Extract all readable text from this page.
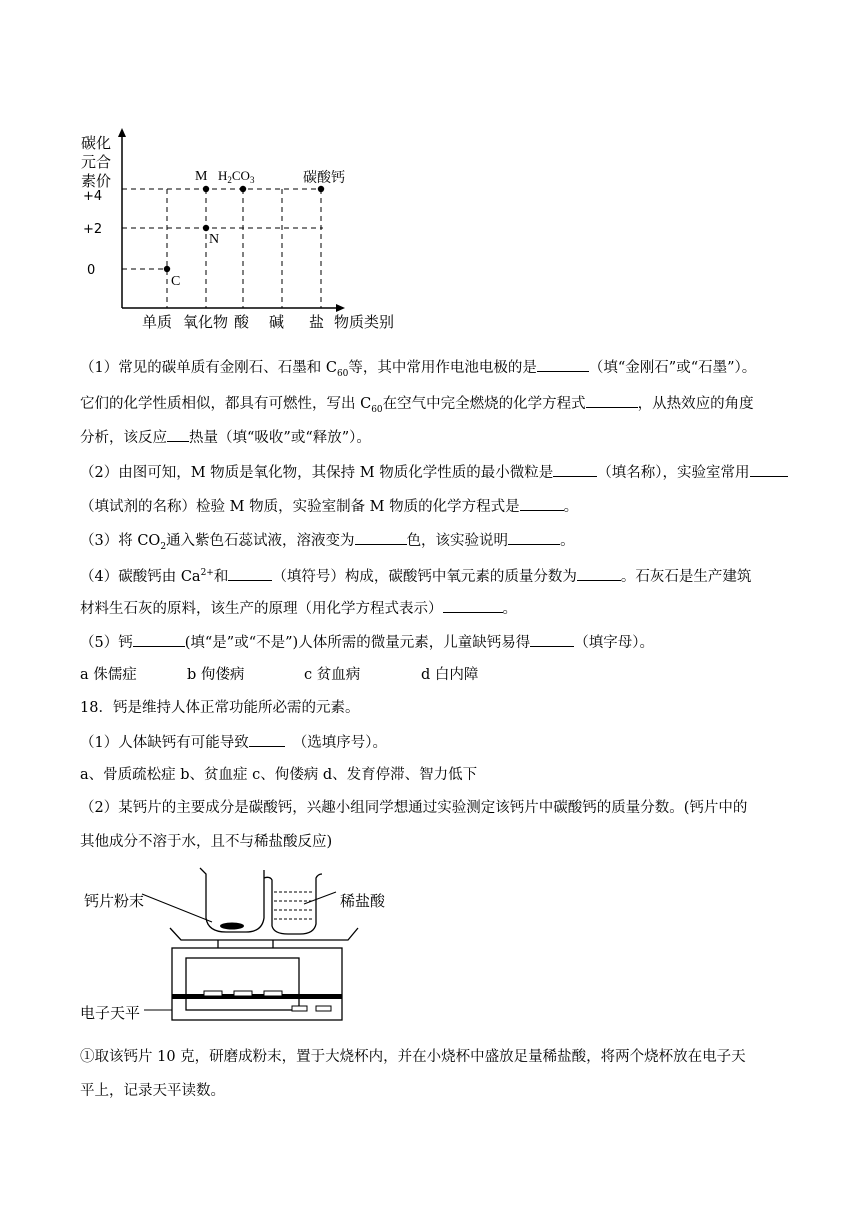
碳化
元合
素价
+4
+2
0
M $H_2CO_3$	碳酸钙
N
C
单质 氧化物 酸 碱 盐 物质类别
（1）常见的碳单质有金刚石、石墨和 $C_{60}$等，其中常用作电池电极的是	（填“金刚石”或“石墨”）。
它们的化学性质相似，都具有可燃性，写出 $C_{60}$在空气中完全燃烧的化学方程式	，从热效应的角度
分析，该反应 热量（填“吸收”或“释放”）。
（2）由图可知，M 物质是氧化物，其保持 M 物质化学性质的最小微粒是	（填名称），实验室常用
（填试剂的名称）检验 M 物质，实验室制备 M 物质的化学方程式是	。
（3）将 $CO_2$通入紫色石蕊试液，溶液变为	色，该实验说明	。
（4）碳酸钙由 $Ca^{2+}$和	（填符号）构成，碳酸钙中氧元素的质量分数为	。石灰石是生产建筑
材料生石灰的原料，该生产的原理（用化学方程式表示）	。
（5）钙	(填“是”或“不是”)人体所需的微量元素，儿童缺钙易得	（填字母）。
a 侏儒症	b 佝偻病	c 贫血病	d 白内障
18．钙是维持人体正常功能所必需的元素。
（1）人体缺钙有可能导致	（选填序号）。
a、骨质疏松症 b、贫血症 c、佝偻病 d、发育停滞、智力低下
（2）某钙片的主要成分是碳酸钙，兴趣小组同学想通过实验测定该钙片中碳酸钙的质量分数。(钙片中的
其他成分不溶于水，且不与稀盐酸反应)
钙片粉末	稀盐酸
电子天平
①取该钙片 10 克，研磨成粉末，置于大烧杯内，并在小烧杯中盛放足量稀盐酸，将两个烧杯放在电子天
平上，记录天平读数。
